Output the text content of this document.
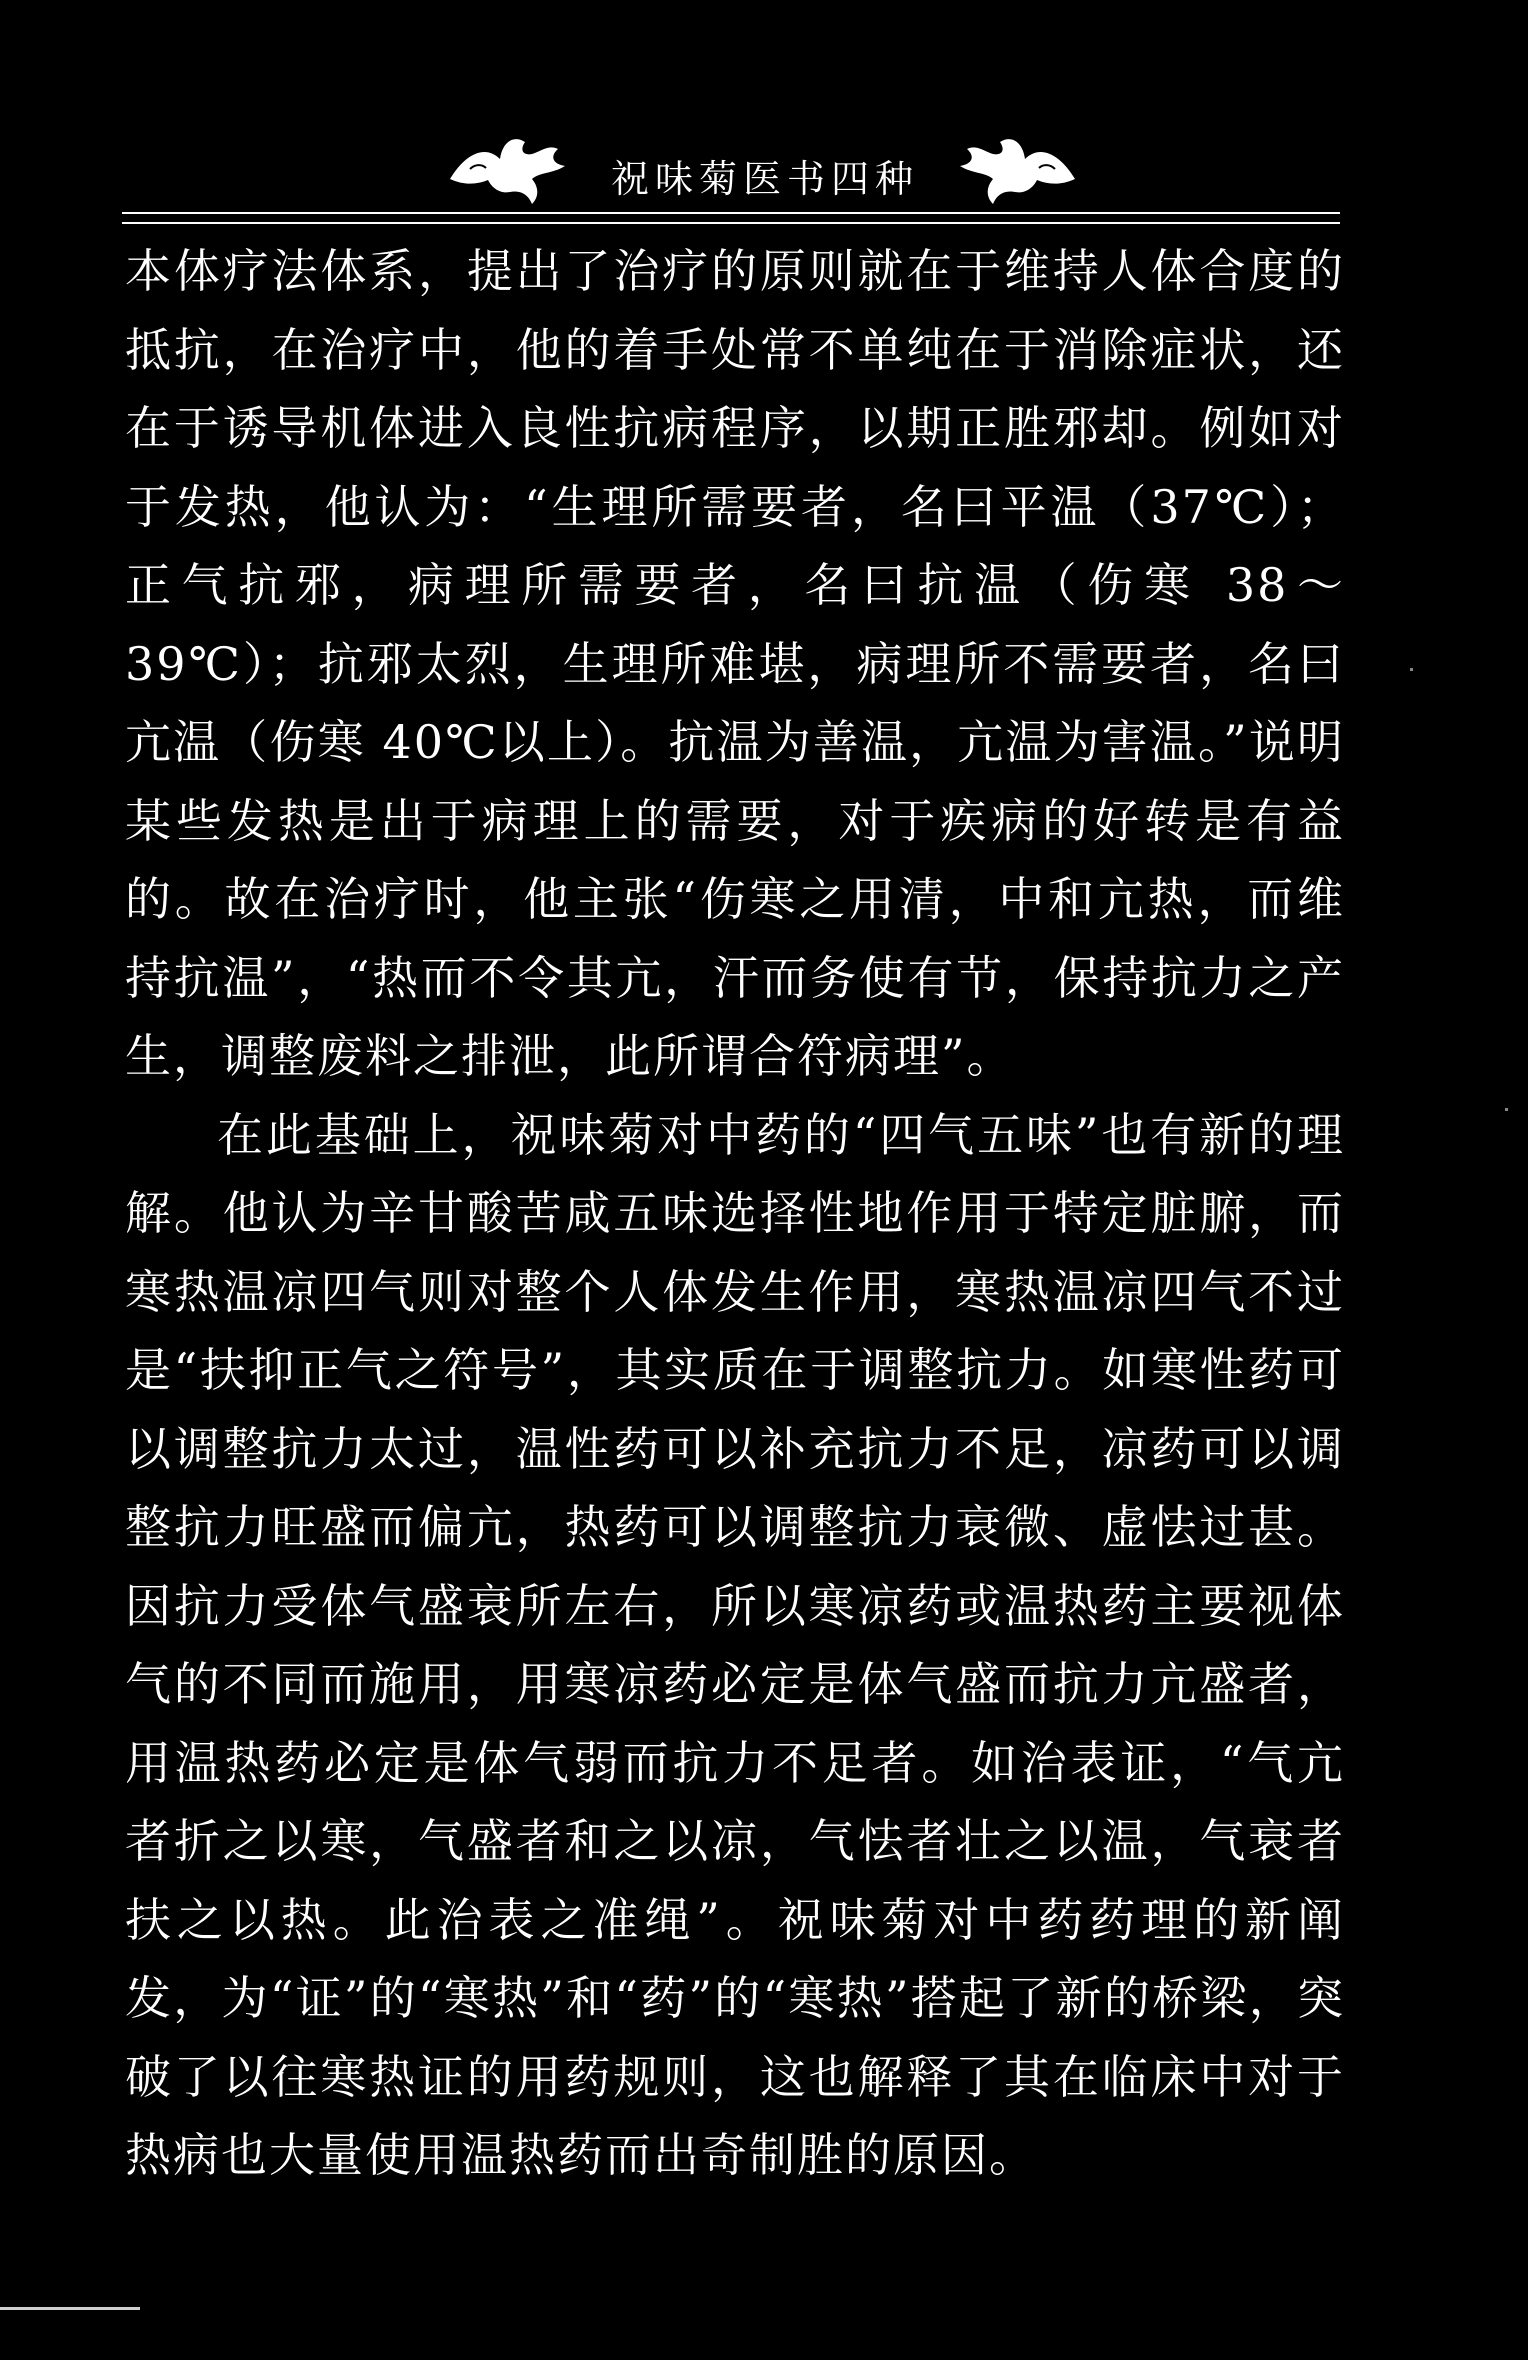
祝味菊医书四种

本体疗法体系，提出了治疗的原则就在于维持人体合度的抵抗，在治疗中，他的着手处常不单纯在于消除症状，还在于诱导机体进入良性抗病程序，以期正胜邪却。例如对于发热，他认为：“生理所需要者，名曰平温（37℃）；正气抗邪，病理所需要者，名曰抗温（伤寒 38～39℃）；抗邪太烈，生理所难堪，病理所不需要者，名曰亢温（伤寒 40℃以上）。抗温为善温，亢温为害温。”说明某些发热是出于病理上的需要，对于疾病的好转是有益的。故在治疗时，他主张“伤寒之用清，中和亢热，而维持抗温”，“热而不令其亢，汗而务使有节，保持抗力之产生，调整废料之排泄，此所谓合符病理”。

在此基础上，祝味菊对中药的“四气五味”也有新的理解。他认为辛甘酸苦咸五味选择性地作用于特定脏腑，而寒热温凉四气则对整个人体发生作用，寒热温凉四气不过是“扶抑正气之符号”，其实质在于调整抗力。如寒性药可以调整抗力太过，温性药可以补充抗力不足，凉药可以调整抗力旺盛而偏亢，热药可以调整抗力衰微、虚怯过甚。因抗力受体气盛衰所左右，所以寒凉药或温热药主要视体气的不同而施用，用寒凉药必定是体气盛而抗力亢盛者，用温热药必定是体气弱而抗力不足者。如治表证，“气亢者折之以寒，气盛者和之以凉，气怯者壮之以温，气衰者扶之以热。此治表之准绳”。祝味菊对中药药理的新阐发，为“证”的“寒热”和“药”的“寒热”搭起了新的桥梁，突破了以往寒热证的用药规则，这也解释了其在临床中对于热病也大量使用温热药而出奇制胜的原因。
